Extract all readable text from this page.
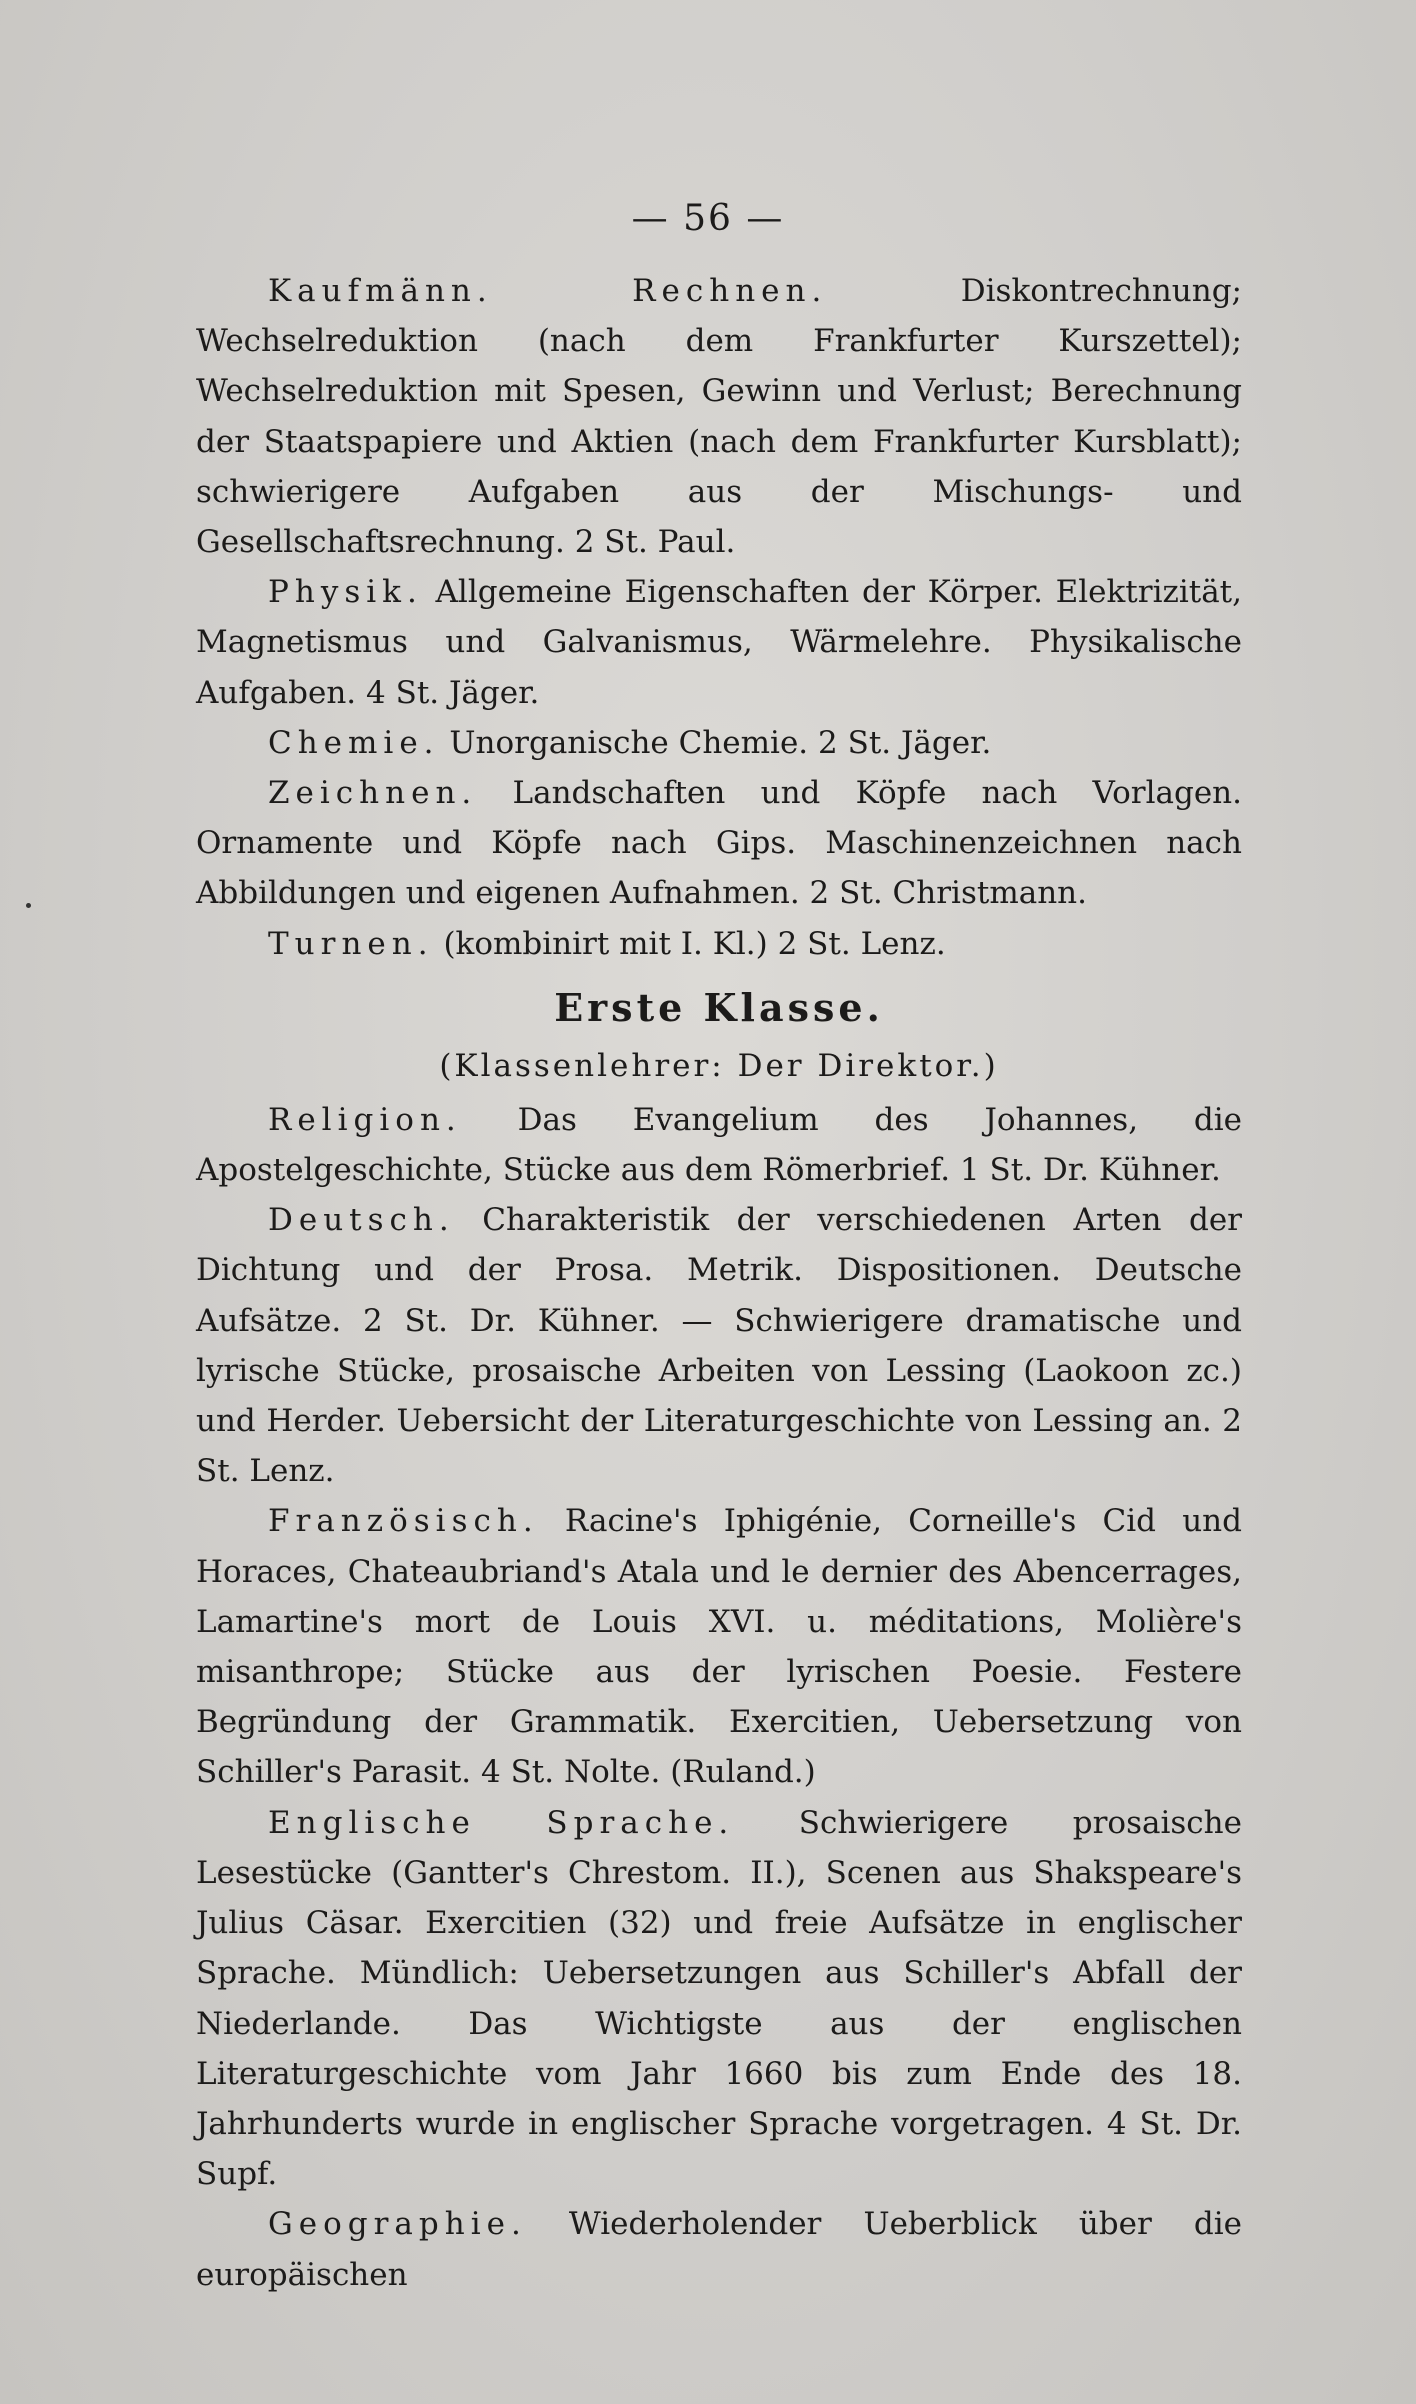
— 56 —

Kaufmänn. Rechnen. Diskontrechnung; Wechselreduktion (nach dem Frankfurter Kurszettel); Wechselreduktion mit Spesen, Gewinn und Verlust; Berechnung der Staatspapiere und Aktien (nach dem Frankfurter Kursblatt); schwierigere Aufgaben aus der Mischungs- und Gesellschaftsrechnung. 2 St. Paul.

Physik. Allgemeine Eigenschaften der Körper. Elektrizität, Magnetismus und Galvanismus, Wärmelehre. Physikalische Aufgaben. 4 St. Jäger.

Chemie. Unorganische Chemie. 2 St. Jäger.

Zeichnen. Landschaften und Köpfe nach Vorlagen. Ornamente und Köpfe nach Gips. Maschinenzeichnen nach Abbildungen und eigenen Aufnahmen. 2 St. Christmann.

Turnen. (kombinirt mit I. Kl.) 2 St. Lenz.

Erste Klasse.
(Klassenlehrer: Der Direktor.)

Religion. Das Evangelium des Johannes, die Apostelgeschichte, Stücke aus dem Römerbrief. 1 St. Dr. Kühner.

Deutsch. Charakteristik der verschiedenen Arten der Dichtung und der Prosa. Metrik. Dispositionen. Deutsche Aufsätze. 2 St. Dr. Kühner. — Schwierigere dramatische und lyrische Stücke, prosaische Arbeiten von Lessing (Laokoon zc.) und Herder. Uebersicht der Literaturgeschichte von Lessing an. 2 St. Lenz.

Französisch. Racine's Iphigénie, Corneille's Cid und Horaces, Chateaubriand's Atala und le dernier des Abencerrages, Lamartine's mort de Louis XVI. u. méditations, Molière's misanthrope; Stücke aus der lyrischen Poesie. Festere Begründung der Grammatik. Exercitien, Uebersetzung von Schiller's Parasit. 4 St. Nolte. (Ruland.)

Englische Sprache. Schwierigere prosaische Lesestücke (Gantter's Chrestom. II.), Scenen aus Shakspeare's Julius Cäsar. Exercitien (32) und freie Aufsätze in englischer Sprache. Mündlich: Uebersetzungen aus Schiller's Abfall der Niederlande. Das Wichtigste aus der englischen Literaturgeschichte vom Jahr 1660 bis zum Ende des 18. Jahrhunderts wurde in englischer Sprache vorgetragen. 4 St. Dr. Supf.

Geographie. Wiederholender Ueberblick über die europäischen
